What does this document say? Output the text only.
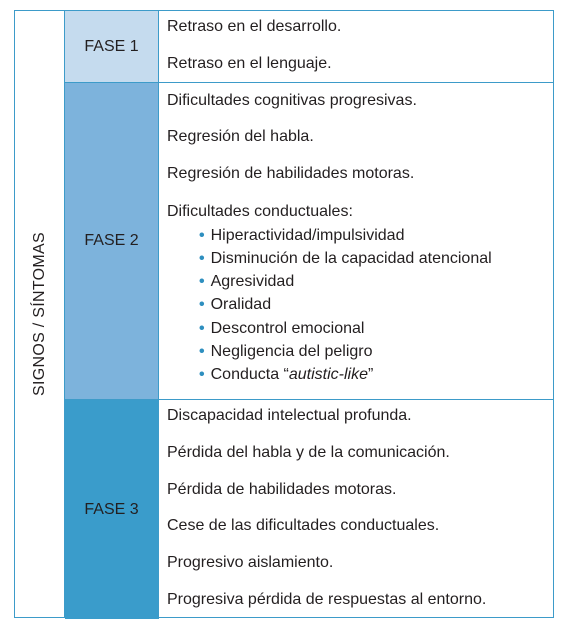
SIGNOS / SÍNTOMAS
FASE 1
Retraso en el desarrollo.
Retraso en el lenguaje.
FASE 2
Dificultades cognitivas progresivas.
Regresión del habla.
Regresión de habilidades motoras.
Dificultades conductuales:
• Hiperactividad/impulsividad
• Disminución de la capacidad atencional
• Agresividad
• Oralidad
• Descontrol emocional
• Negligencia del peligro
• Conducta “autistic-like”
FASE 3
Discapacidad intelectual profunda.
Pérdida del habla y de la comunicación.
Pérdida de habilidades motoras.
Cese de las dificultades conductuales.
Progresivo aislamiento.
Progresiva pérdida de respuestas al entorno.
